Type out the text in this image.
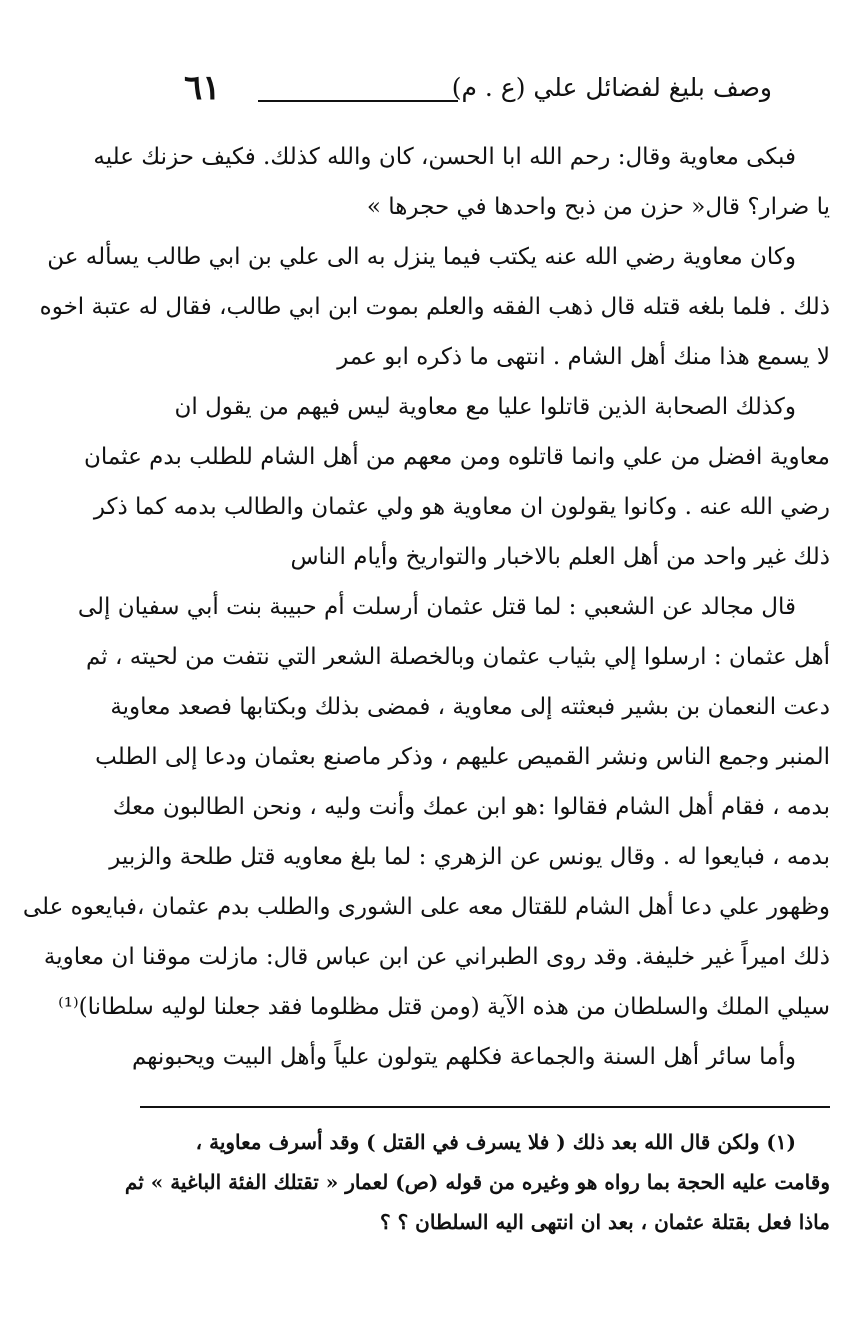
٦١	وصف بليغ لفضائل علي (ع . م)
فبكى معاوية وقال: رحم الله ابا الحسن، كان والله كذلك. فكيف حزنك عليه
يا ضرار؟ قال« حزن من ذبح واحدها في حجرها »
وكان معاوية رضي الله عنه يكتب فيما ينزل به الى علي بن ابي طالب يسأله عن
ذلك . فلما بلغه قتله قال ذهب الفقه والعلم بموت ابن ابي طالب، فقال له عتبة اخوه
لا يسمع هذا منك أهل الشام . انتهى ما ذكره ابو عمر
وكذلك الصحابة الذين قاتلوا عليا مع معاوية ليس فيهم من يقول ان
معاوية افضل من علي وانما قاتلوه ومن معهم من أهل الشام للطلب بدم عثمان
رضي الله عنه . وكانوا يقولون ان معاوية هو ولي عثمان والطالب بدمه كما ذكر
ذلك غير واحد من أهل العلم بالاخبار والتواريخ وأيام الناس
قال مجالد عن الشعبي : لما قتل عثمان أرسلت أم حبيبة بنت أبي سفيان إلى
أهل عثمان : ارسلوا إلي بثياب عثمان وبالخصلة الشعر التي نتفت من لحيته ، ثم
دعت النعمان بن بشير فبعثته إلى معاوية ، فمضى بذلك وبكتابها فصعد معاوية
المنبر وجمع الناس ونشر القميص عليهم ، وذكر ماصنع بعثمان ودعا إلى الطلب
بدمه ، فقام أهل الشام فقالوا :هو ابن عمك وأنت وليه ، ونحن الطالبون معك
بدمه ، فبايعوا له . وقال يونس عن الزهري : لما بلغ معاويه قتل طلحة والزبير
وظهور علي دعا أهل الشام للقتال معه على الشورى والطلب بدم عثمان ،فبايعوه على
ذلك اميراً غير خليفة. وقد روى الطبراني عن ابن عباس قال: مازلت موقنا ان معاوية
سيلي الملك والسلطان من هذه الآية (ومن قتل مظلوما فقد جعلنا لوليه سلطانا)⁽¹⁾
وأما سائر أهل السنة والجماعة فكلهم يتولون علياً وأهل البيت ويحبونهم
(١) ولكن قال الله بعد ذلك ( فلا يسرف في القتل ) وقد أسرف معاوية ،
وقامت عليه الحجة بما رواه هو وغيره من قوله (ص) لعمار « تقتلك الفئة الباغية » ثم
ماذا فعل بقتلة عثمان ، بعد ان انتهى اليه السلطان ؟ ؟
